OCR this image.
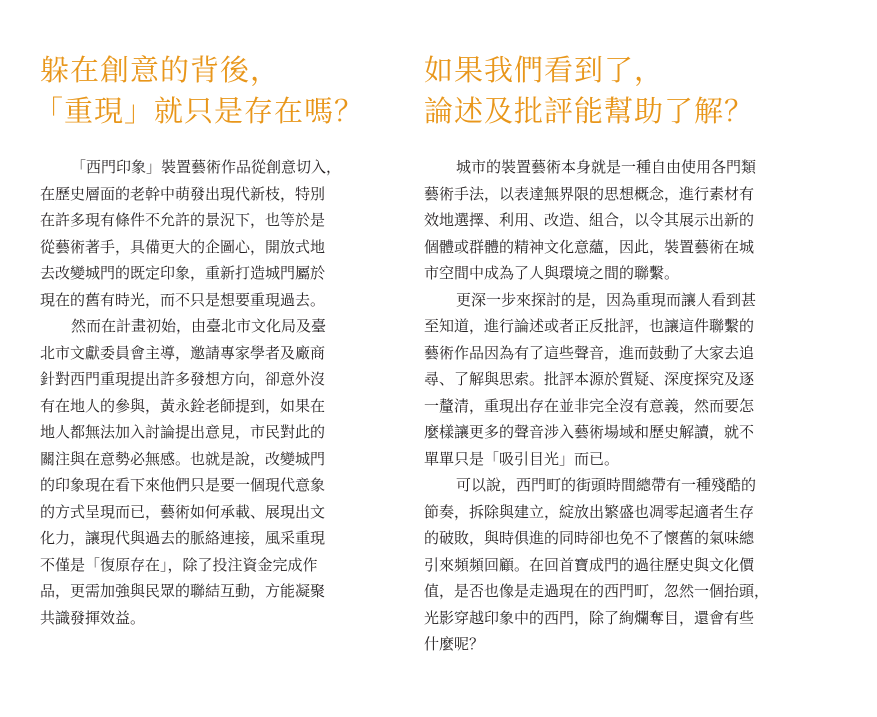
躲在創意的背後，
「重現」就只是存在嗎？
「西門印象」裝置藝術作品從創意切入，
在歷史層面的老幹中萌發出現代新枝，特別
在許多現有條件不允許的景況下，也等於是
從藝術著手，具備更大的企圖心，開放式地
去改變城門的既定印象，重新打造城門屬於
現在的舊有時光，而不只是想要重現過去。
然而在計畫初始，由臺北市文化局及臺
北市文獻委員會主導，邀請專家學者及廠商
針對西門重現提出許多發想方向，卻意外沒
有在地人的參與，黃永銓老師提到，如果在
地人都無法加入討論提出意見，市民對此的
關注與在意勢必無感。也就是說，改變城門
的印象現在看下來他們只是要一個現代意象
的方式呈現而已，藝術如何承載、展現出文
化力，讓現代與過去的脈絡連接，風采重現
不僅是「復原存在」，除了投注資金完成作
品，更需加強與民眾的聯結互動，方能凝聚
共識發揮效益。
如果我們看到了，
論述及批評能幫助了解？
城市的裝置藝術本身就是一種自由使用各門類
藝術手法，以表達無界限的思想概念，進行素材有
效地選擇、利用、改造、組合，以令其展示出新的
個體或群體的精神文化意蘊，因此，裝置藝術在城
市空間中成為了人與環境之間的聯繫。
更深一步來探討的是，因為重現而讓人看到甚
至知道，進行論述或者正反批評，也讓這件聯繫的
藝術作品因為有了這些聲音，進而鼓動了大家去追
尋、了解與思索。批評本源於質疑、深度探究及逐
一釐清，重現出存在並非完全沒有意義，然而要怎
麼樣讓更多的聲音涉入藝術場域和歷史解讀，就不
單單只是「吸引目光」而已。
可以說，西門町的街頭時間總帶有一種殘酷的
節奏，拆除與建立，綻放出繁盛也凋零起適者生存
的破敗，與時俱進的同時卻也免不了懷舊的氣味總
引來頻頻回顧。在回首寶成門的過往歷史與文化價
值，是否也像是走過現在的西門町，忽然一個抬頭，
光影穿越印象中的西門，除了絢爛奪目，還會有些
什麼呢？
